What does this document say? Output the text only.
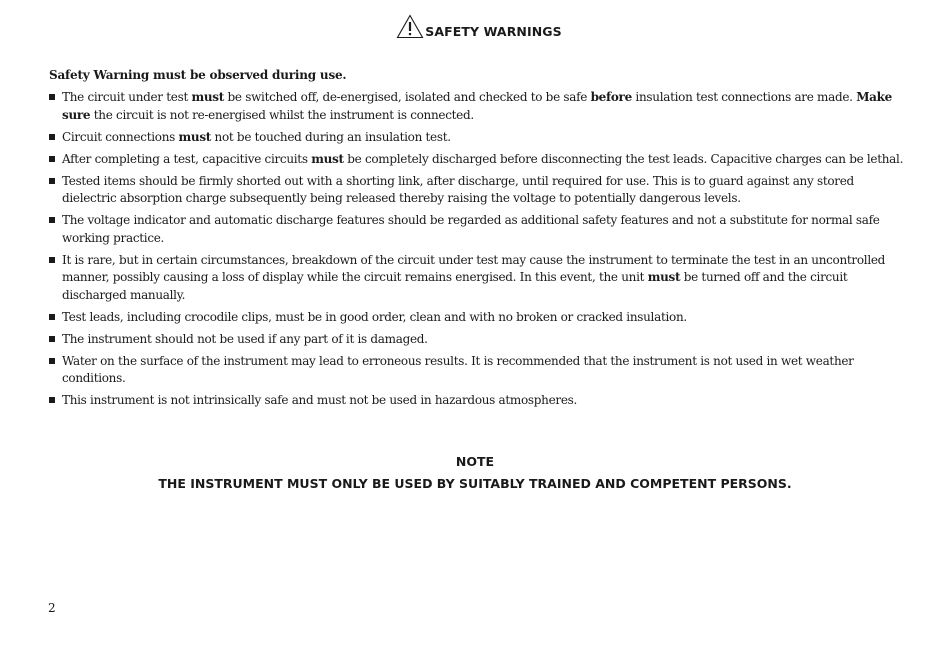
SAFETY WARNINGS
Safety Warning must be observed during use.
The circuit under test must be switched off, de-energised, isolated and checked to be safe before insulation test connections are made. Make sure the circuit is not re-energised whilst the instrument is connected.
Circuit connections must not be touched during an insulation test.
After completing a test, capacitive circuits must be completely discharged before disconnecting the test leads. Capacitive charges can be lethal.
Tested items should be firmly shorted out with a shorting link, after discharge, until required for use. This is to guard against any stored dielectric absorption charge subsequently being released thereby raising the voltage to potentially dangerous levels.
The voltage indicator and automatic discharge features should be regarded as additional safety features and not a substitute for normal safe working practice.
It is rare, but in certain circumstances, breakdown of the circuit under test may cause the instrument to terminate the test in an uncontrolled manner, possibly causing a loss of display while the circuit remains energised. In this event, the unit must be turned off and the circuit discharged manually.
Test leads, including crocodile clips, must be in good order, clean and with no broken or cracked insulation.
The instrument should not be used if any part of it is damaged.
Water on the surface of the instrument may lead to erroneous results. It is recommended that the instrument is not used in wet weather conditions.
This instrument is not intrinsically safe and must not be used in hazardous atmospheres.
NOTE
THE INSTRUMENT MUST ONLY BE USED BY SUITABLY TRAINED AND COMPETENT PERSONS.
2
